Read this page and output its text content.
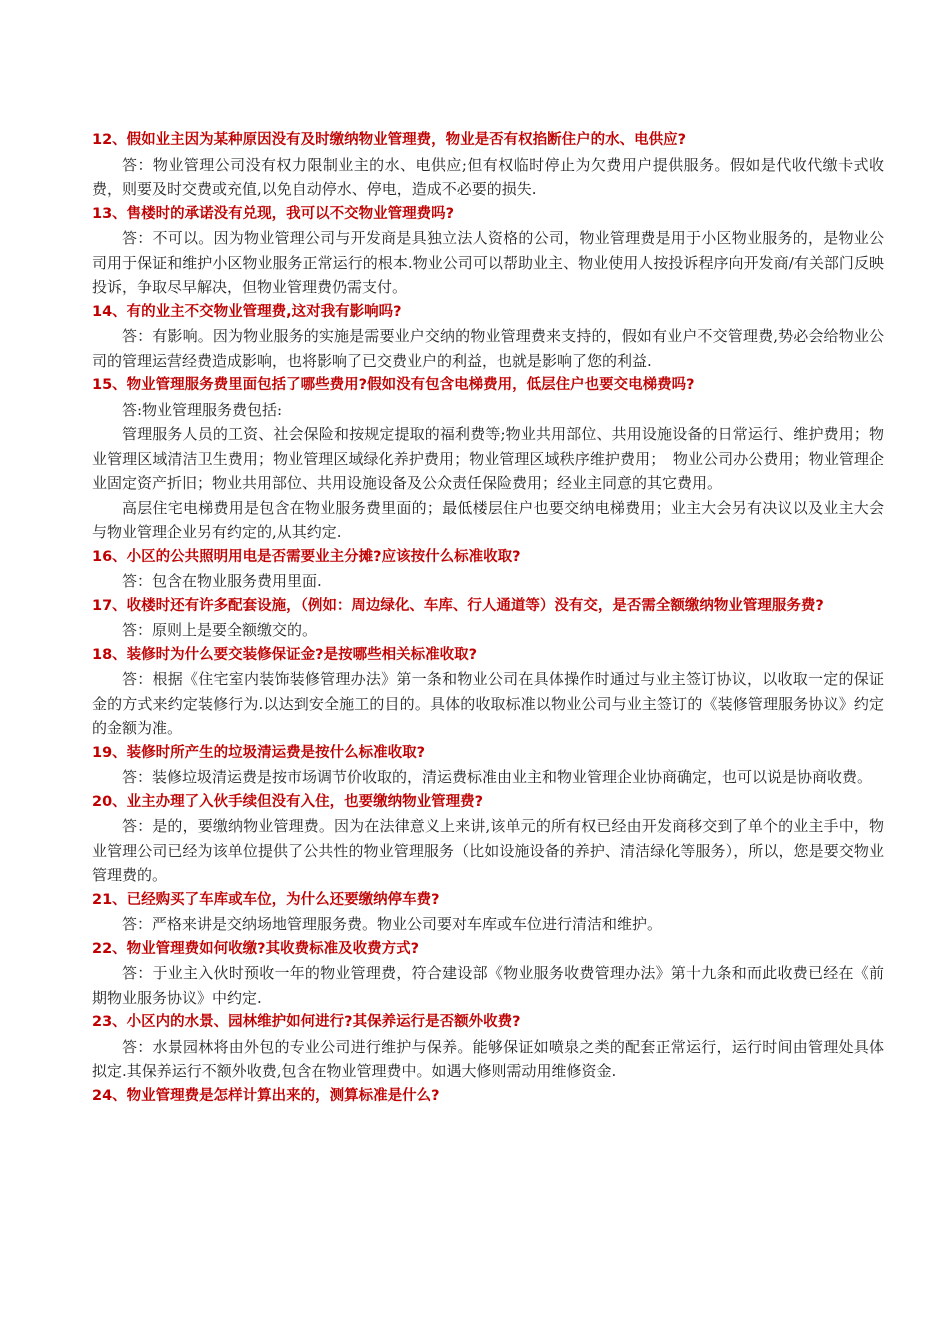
12、假如业主因为某种原因没有及时缴纳物业管理费，物业是否有权掐断住户的水、电供应?

答：物业管理公司没有权力限制业主的水、电供应;但有权临时停止为欠费用户提供服务。假如是代收代缴卡式收费，则要及时交费或充值,以免自动停水、停电，造成不必要的损失.

13、售楼时的承诺没有兑现，我可以不交物业管理费吗?

答：不可以。因为物业管理公司与开发商是具独立法人资格的公司，物业管理费是用于小区物业服务的，是物业公司用于保证和维护小区物业服务正常运行的根本.物业公司可以帮助业主、物业使用人按投诉程序向开发商/有关部门反映投诉，争取尽早解决，但物业管理费仍需支付。

14、有的业主不交物业管理费,这对我有影响吗?

答：有影响。因为物业服务的实施是需要业户交纳的物业管理费来支持的，假如有业户不交管理费,势必会给物业公司的管理运营经费造成影响，也将影响了已交费业户的利益，也就是影响了您的利益.

15、物业管理服务费里面包括了哪些费用?假如没有包含电梯费用，低层住户也要交电梯费吗?

答:物业管理服务费包括:

管理服务人员的工资、社会保险和按规定提取的福利费等;物业共用部位、共用设施设备的日常运行、维护费用；物业管理区域清洁卫生费用；物业管理区域绿化养护费用；物业管理区域秩序维护费用；　物业公司办公费用；物业管理企业固定资产折旧；物业共用部位、共用设施设备及公众责任保险费用；经业主同意的其它费用。

高层住宅电梯费用是包含在物业服务费里面的；最低楼层住户也要交纳电梯费用；业主大会另有决议以及业主大会与物业管理企业另有约定的,从其约定.

16、小区的公共照明用电是否需要业主分摊?应该按什么标准收取?

答：包含在物业服务费用里面.

17、收楼时还有许多配套设施，（例如：周边绿化、车库、行人通道等）没有交，是否需全额缴纳物业管理服务费?

答：原则上是要全额缴交的。

18、装修时为什么要交装修保证金?是按哪些相关标准收取?

答：根据《住宅室内装饰装修管理办法》第一条和物业公司在具体操作时通过与业主签订协议，以收取一定的保证金的方式来约定装修行为.以达到安全施工的目的。具体的收取标准以物业公司与业主签订的《装修管理服务协议》约定的金额为准。

19、装修时所产生的垃圾清运费是按什么标准收取?

答：装修垃圾清运费是按市场调节价收取的，清运费标准由业主和物业管理企业协商确定，也可以说是协商收费。

20、业主办理了入伙手续但没有入住，也要缴纳物业管理费?

答：是的，要缴纳物业管理费。因为在法律意义上来讲,该单元的所有权已经由开发商移交到了单个的业主手中，物业管理公司已经为该单位提供了公共性的物业管理服务（比如设施设备的养护、清洁绿化等服务），所以，您是要交物业管理费的。

21、已经购买了车库或车位，为什么还要缴纳停车费?

答：严格来讲是交纳场地管理服务费。物业公司要对车库或车位进行清洁和维护。

22、物业管理费如何收缴?其收费标准及收费方式?

答：于业主入伙时预收一年的物业管理费，符合建设部《物业服务收费管理办法》第十九条和而此收费已经在《前期物业服务协议》中约定.

23、小区内的水景、园林维护如何进行?其保养运行是否额外收费?

答：水景园林将由外包的专业公司进行维护与保养。能够保证如喷泉之类的配套正常运行，运行时间由管理处具体拟定.其保养运行不额外收费,包含在物业管理费中。如遇大修则需动用维修资金.

24、物业管理费是怎样计算出来的，测算标准是什么?
